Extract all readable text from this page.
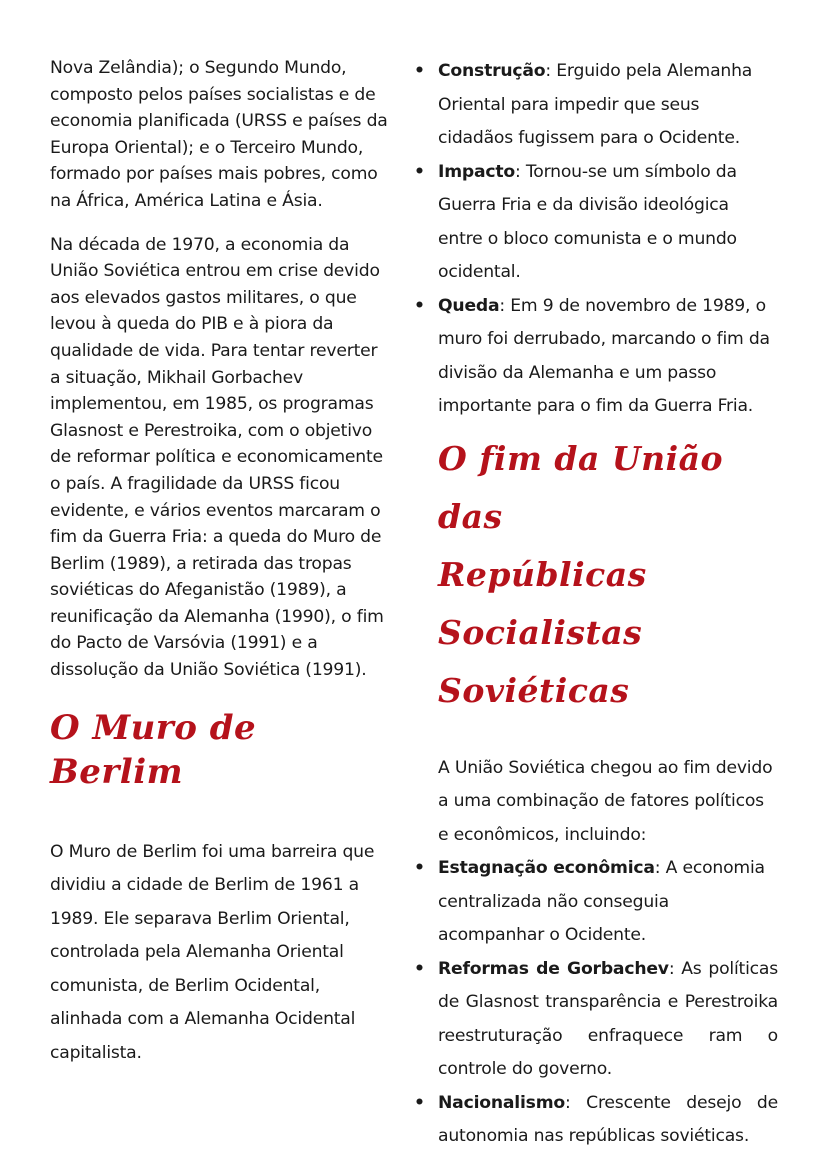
Nova Zelândia); o Segundo Mundo, composto pelos países socialistas e de economia planificada (URSS e países da Europa Oriental); e o Terceiro Mundo, formado por países mais pobres, como na África, América Latina e Ásia.

Na década de 1970, a economia da União Soviética entrou em crise devido aos elevados gastos militares, o que levou à queda do PIB e à piora da qualidade de vida. Para tentar reverter a situação, Mikhail Gorbachev implementou, em 1985, os programas Glasnost e Perestroika, com o objetivo de reformar política e economicamente o país. A fragilidade da URSS ficou evidente, e vários eventos marcaram o fim da Guerra Fria: a queda do Muro de Berlim (1989), a retirada das tropas soviéticas do Afeganistão (1989), a reunificação da Alemanha (1990), o fim do Pacto de Varsóvia (1991) e a dissolução da União Soviética (1991).

O Muro de Berlim

O Muro de Berlim foi uma barreira que dividiu a cidade de Berlim de 1961 a 1989. Ele separava Berlim Oriental, controlada pela Alemanha Oriental comunista, de Berlim Ocidental, alinhada com a Alemanha Ocidental capitalista.

• Construção: Erguido pela Alemanha Oriental para impedir que seus cidadãos fugissem para o Ocidente.
• Impacto: Tornou-se um símbolo da Guerra Fria e da divisão ideológica entre o bloco comunista e o mundo ocidental.
• Queda: Em 9 de novembro de 1989, o muro foi derrubado, marcando o fim da divisão da Alemanha e um passo importante para o fim da Guerra Fria.
O fim da União das
Repúblicas
Socialistas
Soviéticas

A União Soviética chegou ao fim devido a uma combinação de fatores políticos e econômicos, incluindo:

• Estagnação econômica: A economia centralizada não conseguia acompanhar o Ocidente.
• Reformas de Gorbachev: As políticas de Glasnost transparência e Perestroika reestruturação enfraquece ram o controle do governo.
• Nacionalismo: Crescente desejo de autonomia nas repúblicas soviéticas.
